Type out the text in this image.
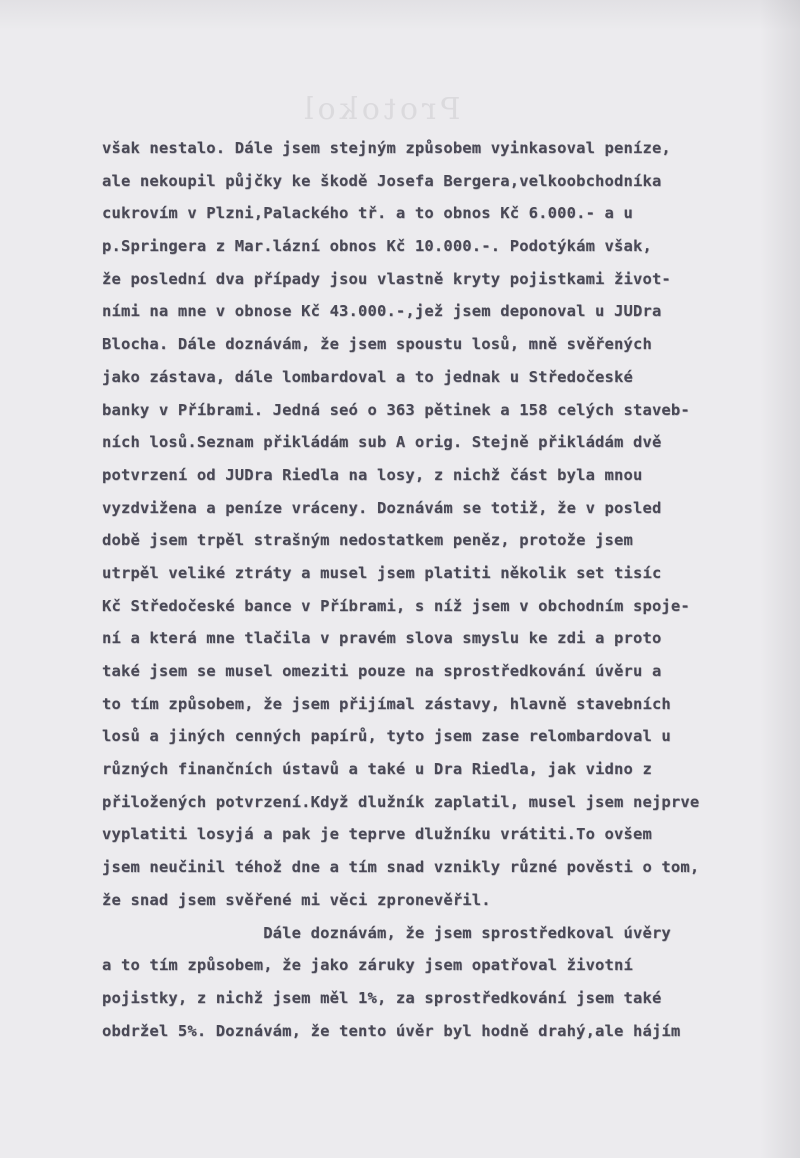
Protokol
však nestalo. Dále jsem stejným způsobem vyinkasoval peníze,
ale nekoupil půjčky ke škodě Josefa Bergera,velkoobchodníka
cukrovím v Plzni,Palackého tř. a to obnos Kč 6.000.- a u
p.Springera z Mar.lázní obnos Kč 10.000.-. Podotýkám však,
že poslední dva případy jsou vlastně kryty pojistkami život-
ními na mne v obnose Kč 43.000.-,jež jsem deponoval u JUDra
Blocha. Dále doznávám, že jsem spoustu losů, mně svěřených
jako zástava, dále lombardoval a to jednak u Středočeské
banky v Příbrami. Jedná seó o 363 pětinek a 158 celých staveb-
ních losů.Seznam přikládám sub A orig. Stejně přikládám dvě
potvrzení od JUDra Riedla na losy, z nichž část byla mnou
vyzdvižena a peníze vráceny. Doznávám se totiž, že v posled
době jsem trpěl strašným nedostatkem peněz, protože jsem
utrpěl veliké ztráty a musel jsem platiti několik set tisíc
Kč Středočeské bance v Příbrami, s níž jsem v obchodním spoje-
ní a která mne tlačila v pravém slova smyslu ke zdi a proto
také jsem se musel omeziti pouze na sprostředkování úvěru a
to tím způsobem, že jsem přijímal zástavy, hlavně stavebních
losů a jiných cenných papírů, tyto jsem zase relombardoval u
různých finančních ústavů a také u Dra Riedla, jak vidno z
přiložených potvrzení.Když dlužník zaplatil, musel jsem nejprve
vyplatiti losyjá a pak je teprve dlužníku vrátiti.To ovšem
jsem neučinil téhož dne a tím snad vznikly různé pověsti o tom,
že snad jsem svěřené mi věci zpronevěřil.
Dále doznávám, že jsem sprostředkoval úvěry
a to tím způsobem, že jako záruky jsem opatřoval životní
pojistky, z nichž jsem měl 1%, za sprostředkování jsem také
obdržel 5%. Doznávám, že tento úvěr byl hodně drahý,ale hájím
